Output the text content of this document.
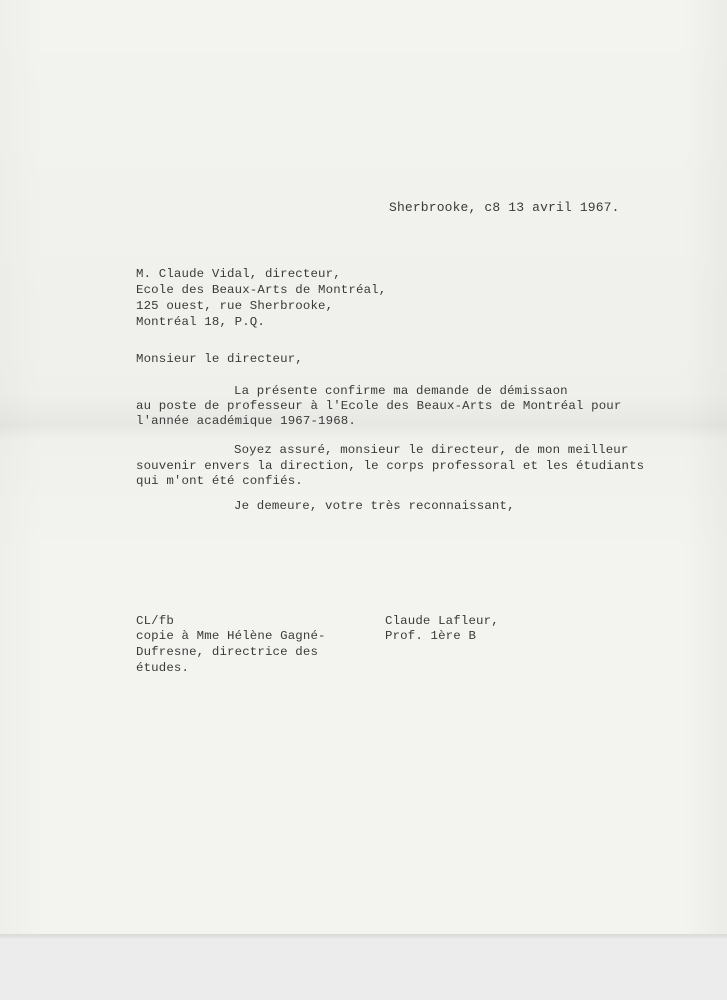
Sherbrooke, c8 13 avril 1967.
M. Claude Vidal, directeur,
Ecole des Beaux-Arts de Montréal,
125 ouest, rue Sherbrooke,
Montréal 18, P.Q.
Monsieur le directeur,
La présente confirme ma demande de démissaon
au poste de professeur à l'Ecole des Beaux-Arts de Montréal pour
l'année académique 1967-1968.
Soyez assuré, monsieur le directeur, de mon meilleur
souvenir envers la direction, le corps professoral et les étudiants
qui m'ont été confiés.
Je demeure, votre très reconnaissant,
CL/fb
copie à Mme Hélène Gagné-
Dufresne, directrice des
études.
Claude Lafleur,
Prof. 1ère B
